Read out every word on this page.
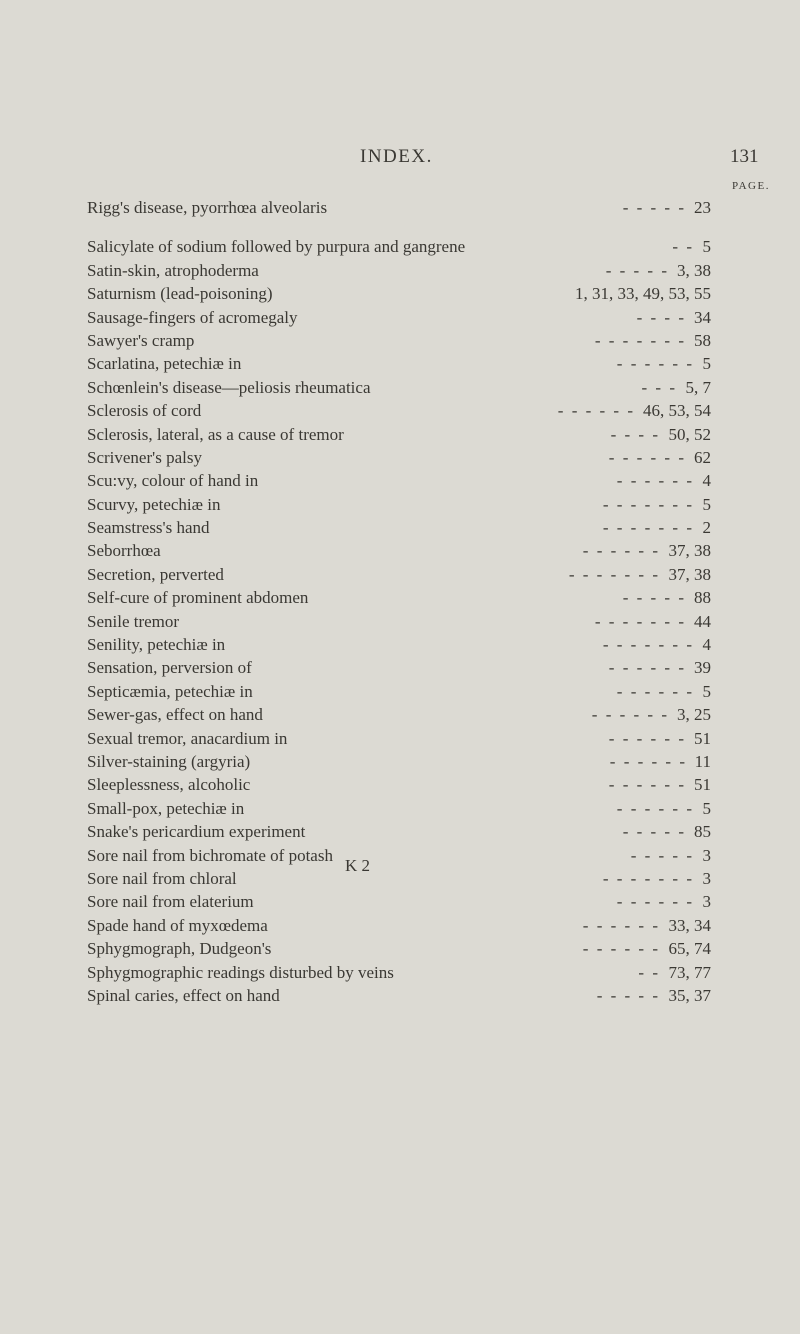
INDEX.	131
PAGE.
Rigg's disease, pyorrhœa alveolaris	- - - - - 23
Salicylate of sodium followed by purpura and gangrene	- - 5
Satin-skin, atrophoderma	- - - - - 3, 38
Saturnism (lead-poisoning)	1, 31, 33, 49, 53, 55
Sausage-fingers of acromegaly	- - - - 34
Sawyer's cramp	- - - - - - - 58
Scarlatina, petechiæ in	- - - - - - 5
Schœnlein's disease—peliosis rheumatica	- - - 5, 7
Sclerosis of cord	- - - - - - 46, 53, 54
Sclerosis, lateral, as a cause of tremor	- - - - 50, 52
Scrivener's palsy	- - - - - - 62
Scu:vy, colour of hand in	- - - - - - 4
Scurvy, petechiæ in	- - - - - - - 5
Seamstress's hand	- - - - - - - 2
Seborrhœa	- - - - - - 37, 38
Secretion, perverted	- - - - - - - 37, 38
Self-cure of prominent abdomen	- - - - - 88
Senile tremor	- - - - - - - 44
Senility, petechiæ in	- - - - - - - 4
Sensation, perversion of	- - - - - - 39
Septicæmia, petechiæ in	- - - - - - 5
Sewer-gas, effect on hand	- - - - - - 3, 25
Sexual tremor, anacardium in	- - - - - - 51
Silver-staining (argyria)	- - - - - - 11
Sleeplessness, alcoholic	- - - - - - 51
Small-pox, petechiæ in	- - - - - - 5
Snake's pericardium experiment	- - - - - 85
Sore nail from bichromate of potash	- - - - - 3
Sore nail from chloral	- - - - - - - 3
Sore nail from elaterium	- - - - - - 3
Spade hand of myxœdema	- - - - - - 33, 34
Sphygmograph, Dudgeon's	- - - - - - 65, 74
Sphygmographic readings disturbed by veins	- - 73, 77
Spinal caries, effect on hand	- - - - - 35, 37
K 2
